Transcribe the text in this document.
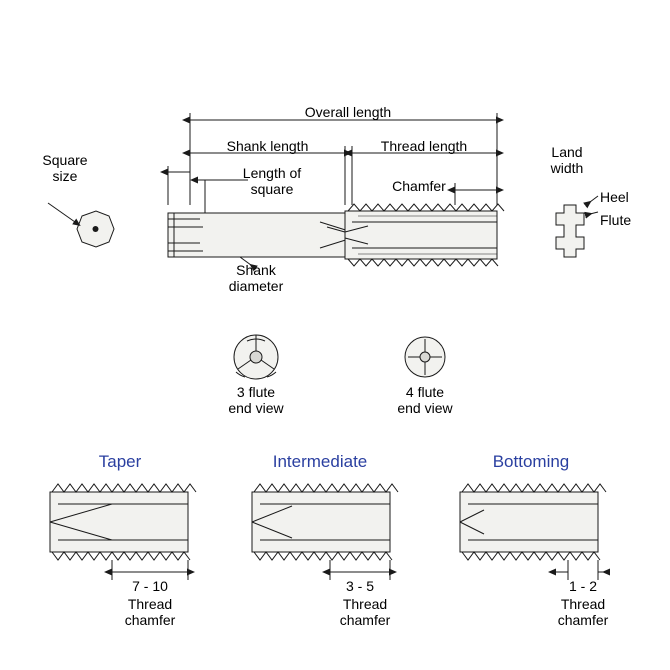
Overall length
Shank length	Thread length
Length of
square	Chamfer
Square
size
Shank
diameter
Land
width
Heel
Flute
3 flute
end view
4 flute
end view
Taper	Intermediate	Bottoming
7 - 10
Thread
chamfer
3 - 5
Thread
chamfer
1 - 2
Thread
chamfer
